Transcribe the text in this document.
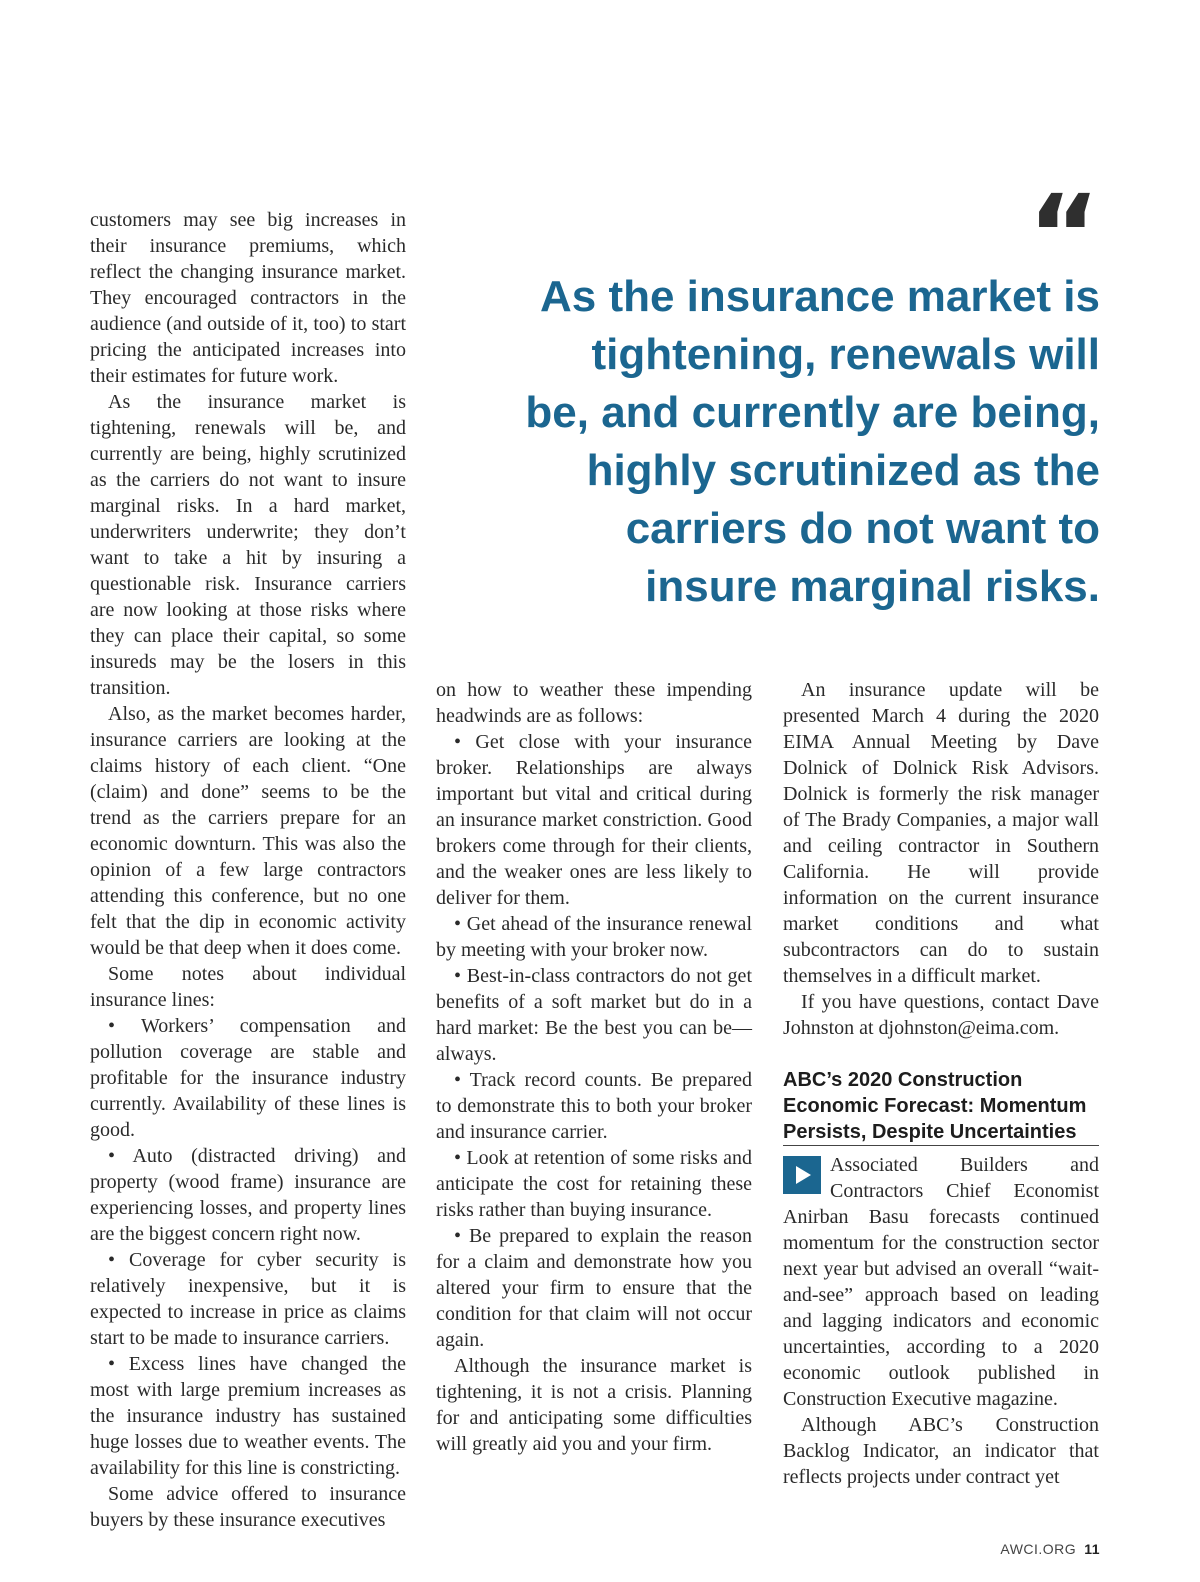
customers may see big increases in their insurance premiums, which reflect the changing insurance market. They encouraged contractors in the audience (and outside of it, too) to start pricing the anticipated increases into their estimates for future work.

As the insurance market is tightening, renewals will be, and currently are being, highly scrutinized as the carriers do not want to insure marginal risks. In a hard market, underwriters underwrite; they don’t want to take a hit by insuring a questionable risk. Insurance carriers are now looking at those risks where they can place their capital, so some insureds may be the losers in this transition.

Also, as the market becomes harder, insurance carriers are looking at the claims history of each client. “One (claim) and done” seems to be the trend as the carriers prepare for an economic downturn. This was also the opinion of a few large contractors attending this conference, but no one felt that the dip in economic activity would be that deep when it does come.

Some notes about individual insurance lines:

• Workers’ compensation and pollution coverage are stable and profitable for the insurance industry currently. Availability of these lines is good.

• Auto (distracted driving) and property (wood frame) insurance are experiencing losses, and property lines are the biggest concern right now.

• Coverage for cyber security is relatively inexpensive, but it is expected to increase in price as claims start to be made to insurance carriers.

• Excess lines have changed the most with large premium increases as the insurance industry has sustained huge losses due to weather events. The availability for this line is constricting.

Some advice offered to insurance buyers by these insurance executives

“
As the insurance market is tightening, renewals will be, and currently are being, highly scrutinized as the carriers do not want to insure marginal risks.

on how to weather these impending headwinds are as follows:

• Get close with your insurance broker. Relationships are always important but vital and critical during an insurance market constriction. Good brokers come through for their clients, and the weaker ones are less likely to deliver for them.

• Get ahead of the insurance renewal by meeting with your broker now.

• Best-in-class contractors do not get benefits of a soft market but do in a hard market: Be the best you can be—always.

• Track record counts. Be prepared to demonstrate this to both your broker and insurance carrier.

• Look at retention of some risks and anticipate the cost for retaining these risks rather than buying insurance.

• Be prepared to explain the reason for a claim and demonstrate how you altered your firm to ensure that the condition for that claim will not occur again.

Although the insurance market is tightening, it is not a crisis. Planning for and anticipating some difficulties will greatly aid you and your firm.

An insurance update will be presented March 4 during the 2020 EIMA Annual Meeting by Dave Dolnick of Dolnick Risk Advisors. Dolnick is formerly the risk manager of The Brady Companies, a major wall and ceiling contractor in Southern California. He will provide information on the current insurance market conditions and what subcontractors can do to sustain themselves in a difficult market.

If you have questions, contact Dave Johnston at djohnston@eima.com.

ABC’s 2020 Construction Economic Forecast: Momentum Persists, Despite Uncertainties

Associated Builders and Contractors Chief Economist Anirban Basu forecasts continued momentum for the construction sector next year but advised an overall “wait-and-see” approach based on leading and lagging indicators and economic uncertainties, according to a 2020 economic outlook published in Construction Executive magazine.

Although ABC’s Construction Backlog Indicator, an indicator that reflects projects under contract yet

AWCI.ORG 11
